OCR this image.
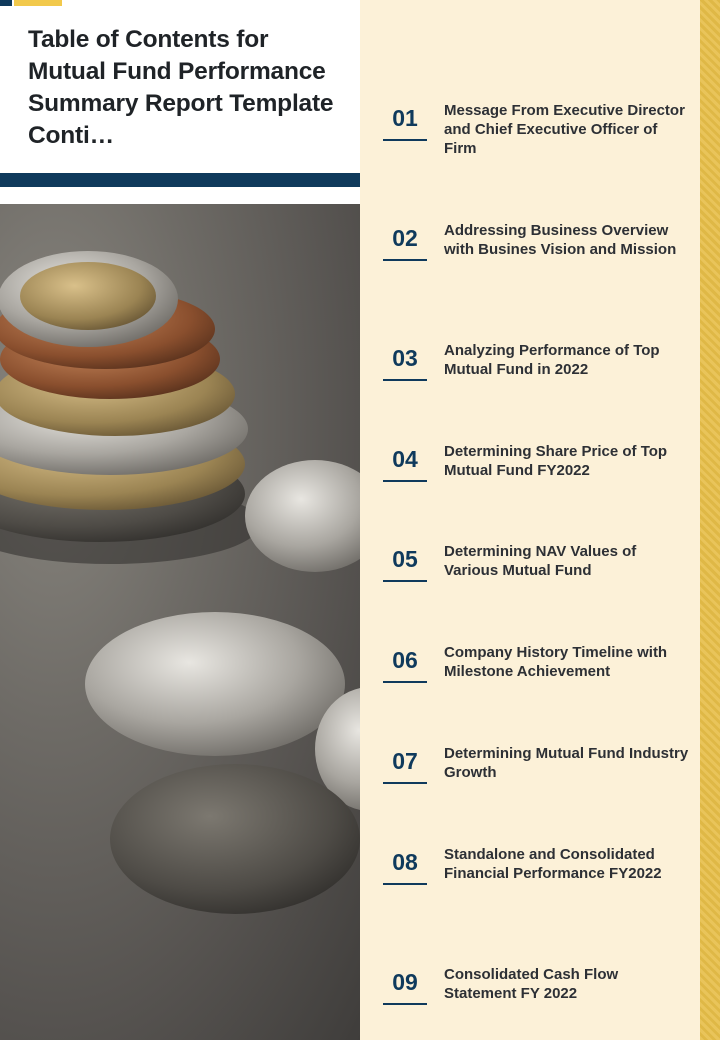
Table of Contents for Mutual Fund Performance Summary Report Template Conti…
01	Message From Executive Director and Chief Executive Officer of Firm
02	Addressing Business Overview with Busines Vision and Mission
03	Analyzing Performance of Top Mutual Fund in 2022
04	Determining Share Price of Top Mutual Fund FY2022
05	Determining NAV Values of Various Mutual Fund
06	Company History Timeline with Milestone Achievement
07	Determining Mutual Fund Industry Growth
08	Standalone and Consolidated Financial Performance FY2022
09	Consolidated Cash Flow Statement FY 2022
